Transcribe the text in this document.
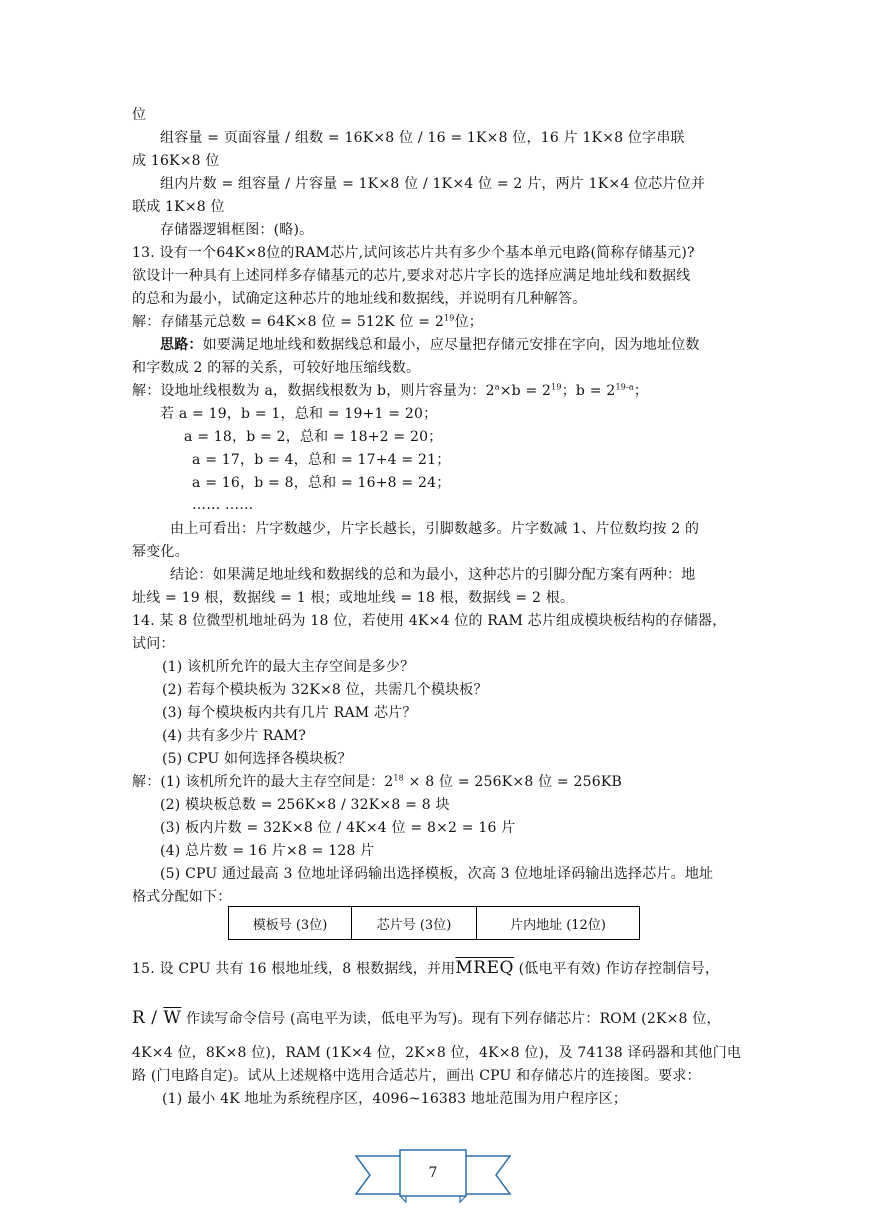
位
组容量 = 页面容量 / 组数 = 16K×8 位 / 16 = 1K×8 位，16 片 1K×8 位字串联
成 16K×8 位
组内片数 = 组容量 / 片容量 = 1K×8 位 / 1K×4 位 = 2 片，两片 1K×4 位芯片位并
联成 1K×8 位
存储器逻辑框图：(略)。
13. 设有一个64K×8位的RAM芯片,试问该芯片共有多少个基本单元电路(简称存储基元)?
欲设计一种具有上述同样多存储基元的芯片,要求对芯片字长的选择应满足地址线和数据线
的总和为最小，试确定这种芯片的地址线和数据线，并说明有几种解答。
解：存储基元总数 = 64K×8 位 = 512K 位 = $2^{19}$位；
思路：如要满足地址线和数据线总和最小，应尽量把存储元安排在字向，因为地址位数
和字数成 2 的幂的关系，可较好地压缩线数。
解：设地址线根数为 a，数据线根数为 b，则片容量为：$2^a\times b = 2^{19}$；$b = 2^{19-a}$；
若 a = 19，b = 1，总和 = 19+1 = 20；
a = 18，b = 2，总和 = 18+2 = 20；
a = 17，b = 4，总和 = 17+4 = 21；
a = 16，b = 8，总和 = 16+8 = 24；
…… ……
由上可看出：片字数越少，片字长越长，引脚数越多。片字数减 1、片位数均按 2 的
幂变化。
结论：如果满足地址线和数据线的总和为最小，这种芯片的引脚分配方案有两种：地
址线 = 19 根，数据线 = 1 根；或地址线 = 18 根，数据线 = 2 根。
14. 某 8 位微型机地址码为 18 位，若使用 4K×4 位的 RAM 芯片组成模块板结构的存储器，
试问：
(1) 该机所允许的最大主存空间是多少？
(2) 若每个模块板为 32K×8 位，共需几个模块板？
(3) 每个模块板内共有几片 RAM 芯片？
(4) 共有多少片 RAM?
(5) CPU 如何选择各模块板？
解：(1) 该机所允许的最大主存空间是：$2^{18} \times 8$ 位 = 256K×8 位 = 256KB
(2) 模块板总数 = 256K×8 / 32K×8 = 8 块
(3) 板内片数 = 32K×8 位 / 4K×4 位 = 8×2 = 16 片
(4) 总片数 = 16 片×8 = 128 片
(5) CPU 通过最高 3 位地址译码输出选择模板，次高 3 位地址译码输出选择芯片。地址
格式分配如下：
模板号 (3位)	芯片号 (3位)	片内地址 (12位)
15. 设 CPU 共有 16 根地址线，8 根数据线，并用MREQ (低电平有效) 作访存控制信号，
R / $\overline{W}$ 作读写命令信号 (高电平为读，低电平为写)。现有下列存储芯片：ROM (2K×8 位，
4K×4 位，8K×8 位)，RAM (1K×4 位，2K×8 位，4K×8 位)，及 74138 译码器和其他门电
路 (门电路自定)。试从上述规格中选用合适芯片，画出 CPU 和存储芯片的连接图。要求：
(1) 最小 4K 地址为系统程序区，4096~16383 地址范围为用户程序区；
7
